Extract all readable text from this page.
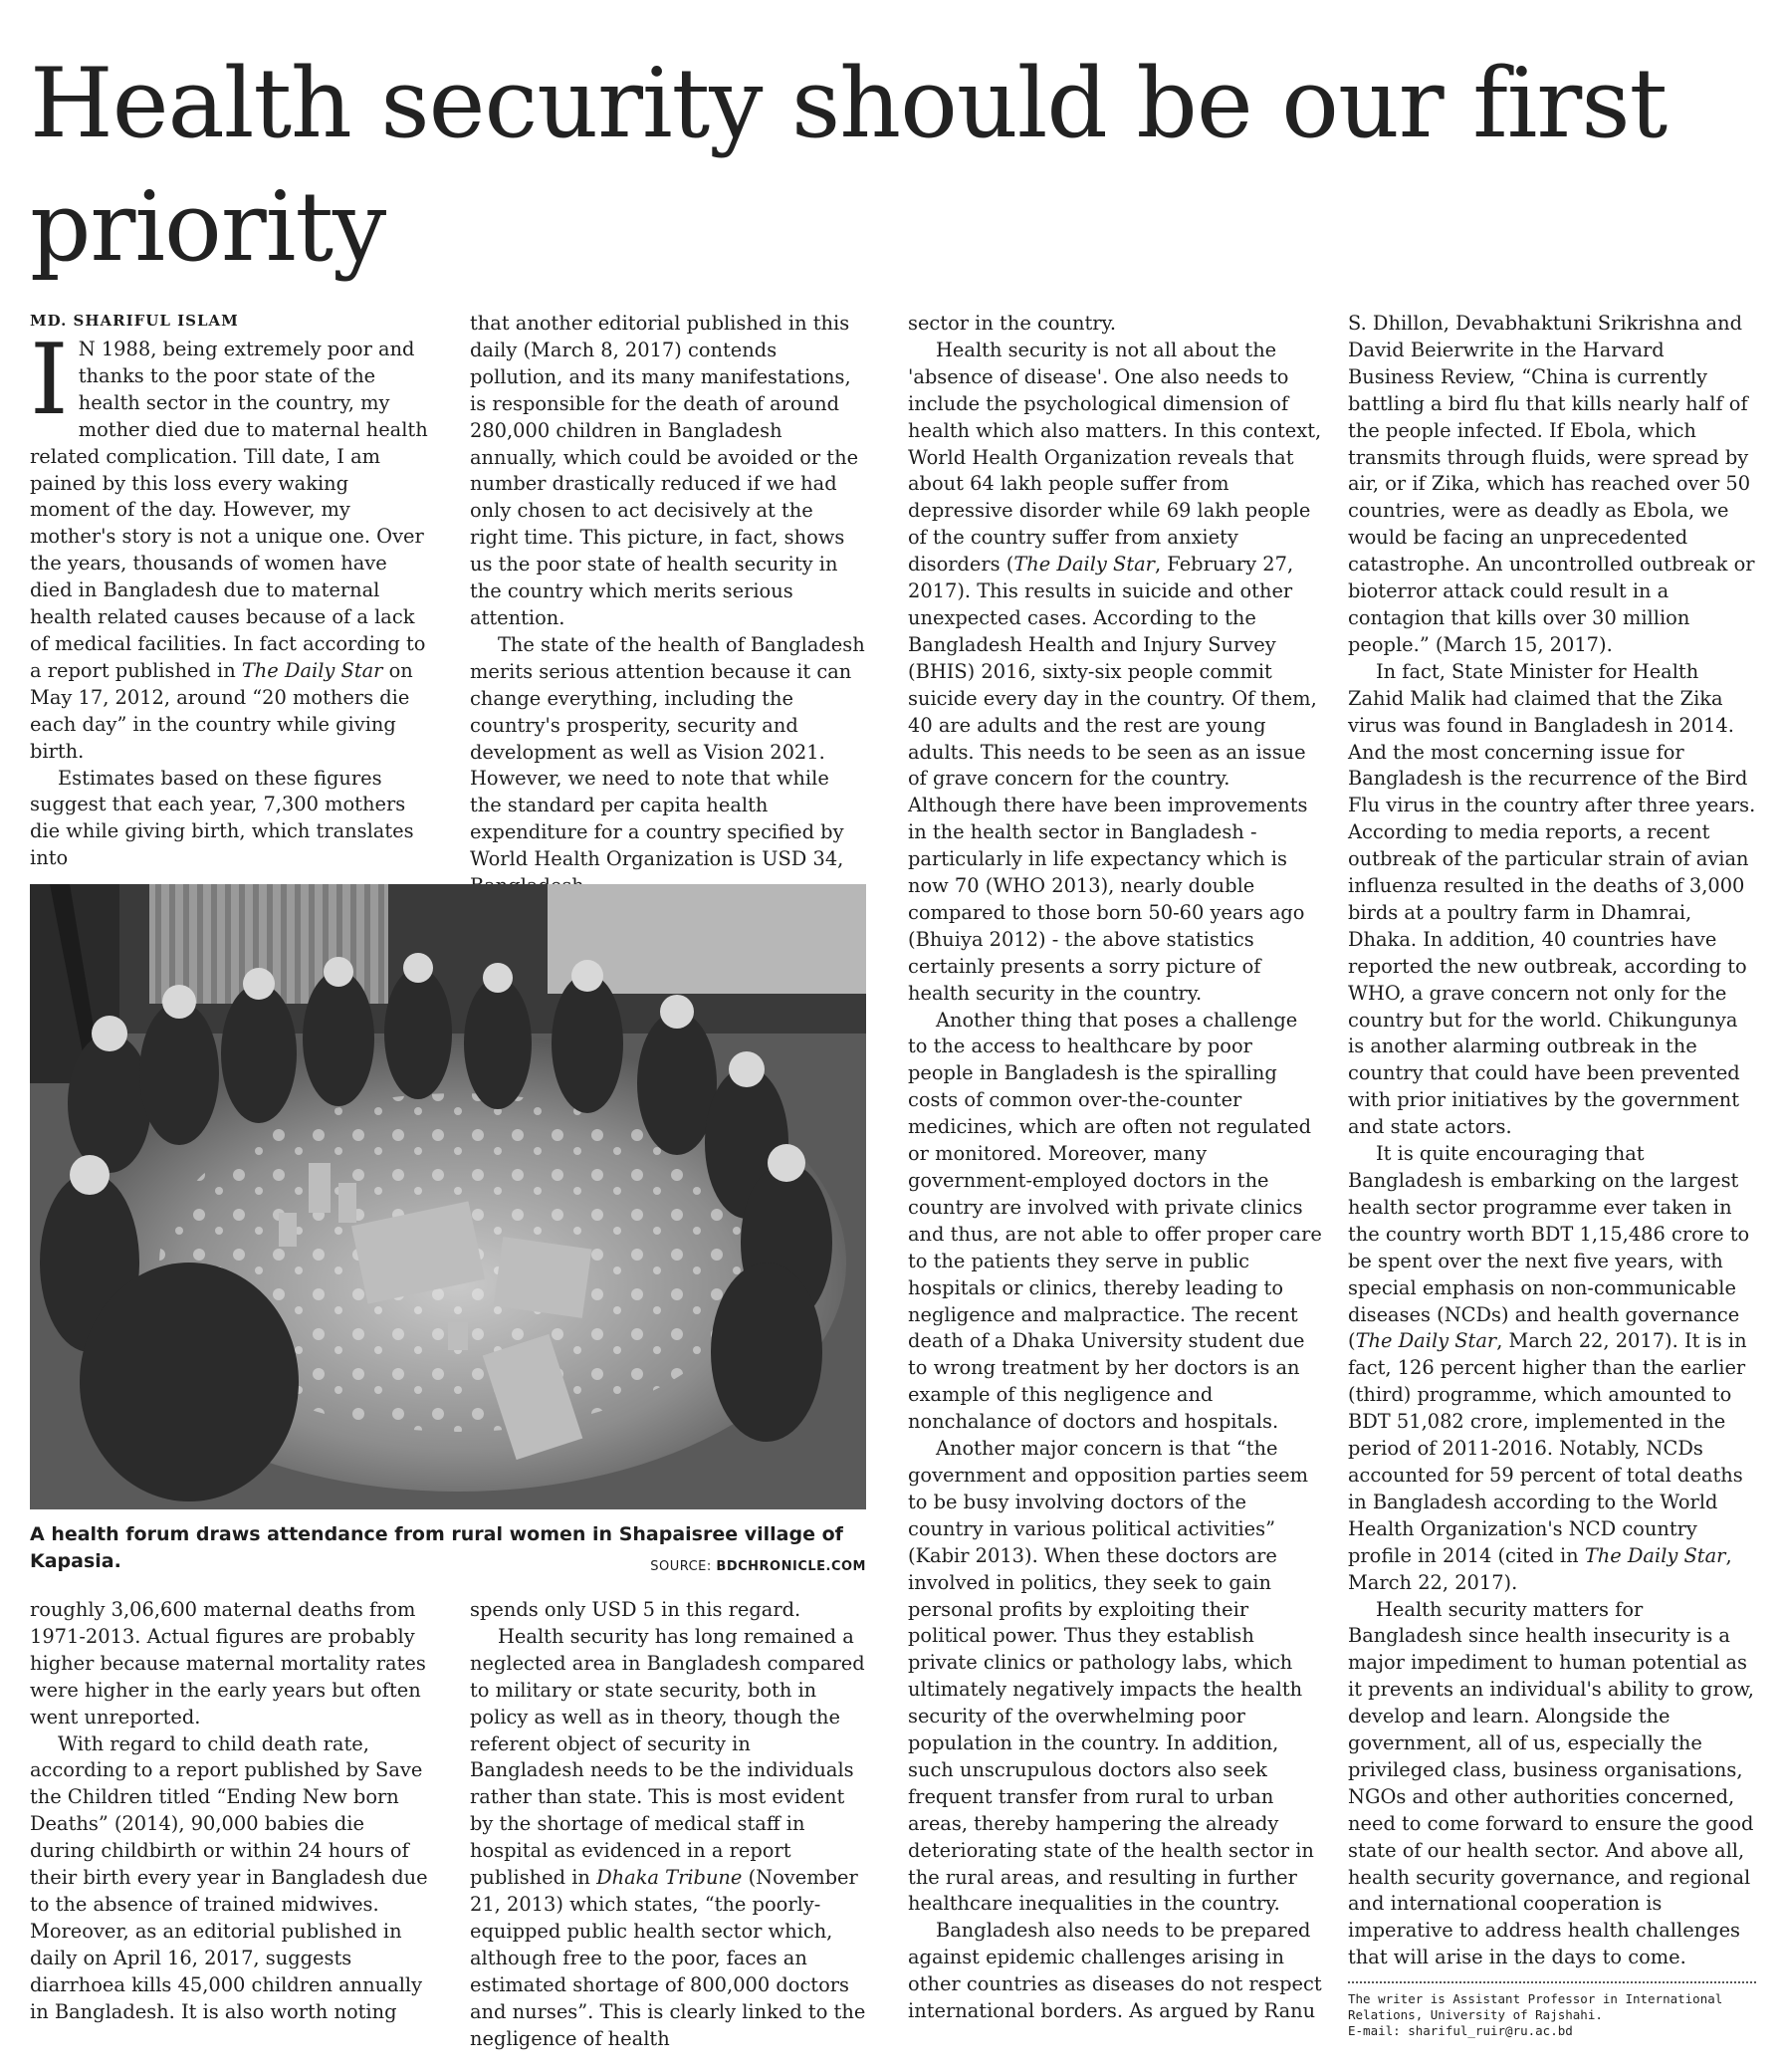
Health security should be our first priority
MD. SHARIFUL ISLAM

I N 1988, being extremely poor and thanks to the poor state of the health sector in the country, my mother died due to maternal health related complication. Till date, I am pained by this loss every waking moment of the day. However, my mother's story is not a unique one. Over the years, thousands of women have died in Bangladesh due to maternal health related causes because of a lack of medical facilities. In fact according to a report published in The Daily Star on May 17, 2012, around “20 mothers die each day” in the country while giving birth.

Estimates based on these figures suggest that each year, 7,300 mothers die while giving birth, which translates into

that another editorial published in this daily (March 8, 2017) contends pollution, and its many manifestations, is responsible for the death of around 280,000 children in Bangladesh annually, which could be avoided or the number drastically reduced if we had only chosen to act decisively at the right time. This picture, in fact, shows us the poor state of health security in the country which merits serious attention.

The state of the health of Bangladesh merits serious attention because it can change everything, including the country's prosperity, security and development as well as Vision 2021. However, we need to note that while the standard per capita health expenditure for a country specified by World Health Organization is USD 34,

A health forum draws attendance from rural women in Shapaisree village of Kapasia.	SOURCE: BDCHRONICLE.COM

roughly 3,06,600 maternal deaths from 1971-2013. Actual figures are probably higher because maternal mortality rates were higher in the early years but often went unreported.

With regard to child death rate, according to a report published by Save the Children titled “Ending New born Deaths” (2014), 90,000 babies die during childbirth or within 24 hours of their birth every year in Bangladesh due to the absence of trained midwives. Moreover, as an editorial published in daily on April 16, 2017, suggests diarrhoea kills 45,000 children annually in Bangladesh. It is also worth noting

spends only USD 5 in this regard.

Health security has long remained a neglected area in Bangladesh compared to military or state security, both in policy as well as in theory, though the referent object of security in Bangladesh needs to be the individuals rather than state. This is most evident by the shortage of medical staff in hospital as evidenced in a report published in Dhaka Tribune (November 21, 2013) which states, “the poorly-equipped public health sector which, although free to the poor, faces an estimated shortage of 800,000 doctors and nurses”. This is clearly linked to the negligence of health

sector in the country.

Health security is not all about the 'absence of disease'. One also needs to include the psychological dimension of health which also matters. In this context, World Health Organization reveals that about 64 lakh people suffer from depressive disorder while 69 lakh people of the country suffer from anxiety disorders (The Daily Star, February 27, 2017). This results in suicide and other unexpected cases. According to the Bangladesh Health and Injury Survey (BHIS) 2016, sixty-six people commit suicide every day in the country. Of them, 40 are adults and the rest are young adults. This needs to be seen as an issue of grave concern for the country. Although there have been improvements in the health sector in Bangladesh - particularly in life expectancy which is now 70 (WHO 2013), nearly double compared to those born 50-60 years ago (Bhuiya 2012) - the above statistics certainly presents a sorry picture of health security in the country.

Another thing that poses a challenge to the access to healthcare by poor people in Bangladesh is the spiralling costs of common over-the-counter medicines, which are often not regulated or monitored. Moreover, many government-employed doctors in the country are involved with private clinics and thus, are not able to offer proper care to the patients they serve in public hospitals or clinics, thereby leading to negligence and malpractice. The recent death of a Dhaka University student due to wrong treatment by her doctors is an example of this negligence and nonchalance of doctors and hospitals.

Another major concern is that “the government and opposition parties seem to be busy involving doctors of the country in various political activities” (Kabir 2013). When these doctors are involved in politics, they seek to gain personal profits by exploiting their political power. Thus they establish private clinics or pathology labs, which ultimately negatively impacts the health security of the overwhelming poor population in the country. In addition, such unscrupulous doctors also seek frequent transfer from rural to urban areas, thereby hampering the already deteriorating state of the health sector in the rural areas, and resulting in further healthcare inequalities in the country.

Bangladesh also needs to be prepared against epidemic challenges arising in other countries as diseases do not respect international borders. As argued by Ranu

S. Dhillon, Devabhaktuni Srikrishna and David Beierwrite in the Harvard Business Review, “China is currently battling a bird flu that kills nearly half of the people infected. If Ebola, which transmits through fluids, were spread by air, or if Zika, which has reached over 50 countries, were as deadly as Ebola, we would be facing an unprecedented catastrophe. An uncontrolled outbreak or bioterror attack could result in a contagion that kills over 30 million people.” (March 15, 2017).

In fact, State Minister for Health Zahid Malik had claimed that the Zika virus was found in Bangladesh in 2014. And the most concerning issue for Bangladesh is the recurrence of the Bird Flu virus in the country after three years. According to media reports, a recent outbreak of the particular strain of avian influenza resulted in the deaths of 3,000 birds at a poultry farm in Dhamrai, Dhaka. In addition, 40 countries have reported the new outbreak, according to WHO, a grave concern not only for the country but for the world. Chikungunya is another alarming outbreak in the country that could have been prevented with prior initiatives by the government and state actors.

It is quite encouraging that Bangladesh is embarking on the largest health sector programme ever taken in the country worth BDT 1,15,486 crore to be spent over the next five years, with special emphasis on non-communicable diseases (NCDs) and health governance (The Daily Star, March 22, 2017). It is in fact, 126 percent higher than the earlier (third) programme, which amounted to BDT 51,082 crore, implemented in the period of 2011-2016. Notably, NCDs accounted for 59 percent of total deaths in Bangladesh according to the World Health Organization's NCD country profile in 2014 (cited in The Daily Star, March 22, 2017).

Health security matters for Bangladesh since health insecurity is a major impediment to human potential as it prevents an individual's ability to grow, develop and learn. Alongside the government, all of us, especially the privileged class, business organisations, NGOs and other authorities concerned, need to come forward to ensure the good state of our health sector. And above all, health security governance, and regional and international cooperation is imperative to address health challenges that will arise in the days to come.

The writer is Assistant Professor in International Relations, University of Rajshahi.
E-mail: shariful_ruir@ru.ac.bd
